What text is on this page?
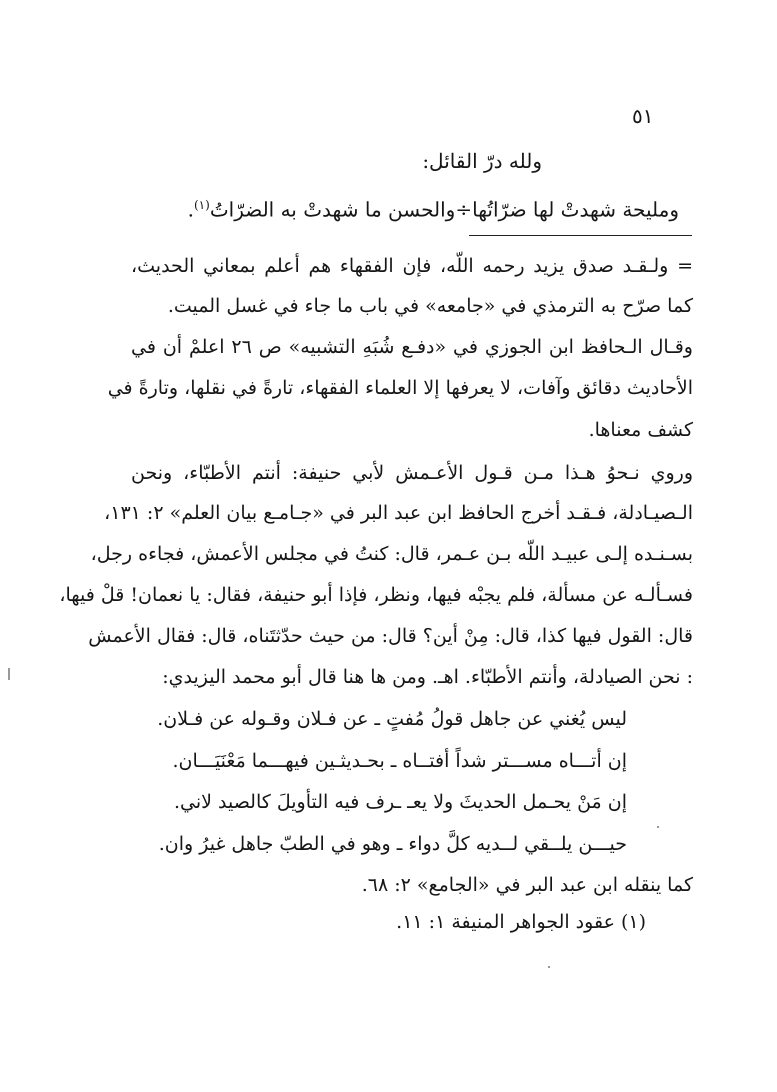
٥١
ولله درّ القائل:
ومليحة شهدتْ لها ضرّاتُها÷والحسن ما شهدتْ به الضرّاتُ$^{(١)}$.
= ولـقـد صدق يزيد رحمه اللّه، فإن الفقهاء هم أعلم بمعاني الحديث،
كما صرّح به الترمذي في «جامعه» في باب ما جاء في غسل الميت.
وقـال الـحافظ ابن الجوزي في «دفـع شُبَهِ التشبيه» ص ٢٦ اعلمْ أن في
الأحاديث دقائق وآفات، لا يعرفها إلا العلماء الفقهاء، تارةً في نقلها، وتارةً في
كشف معناها.
وروي نـحوُ هـذا مـن قـول الأعـمش لأبي حنيفة: أنتم الأطبّاء، ونحن
الـصيـادلة، فـقـد أخرج الحافظ ابن عبد البر في «جـامـع بيان العلم» ٢: ١٣١،
بسـنـده إلـى عبيـد اللّه بـن عـمر، قال: كنتُ في مجلس الأعمش، فجاءه رجل،
فسـألـه عن مسألة، فلم يجبْه فيها، ونظر، فإذا أبو حنيفة، فقال: يا نعمان! قلْ فيها،
قال: القول فيها كذا، قال: مِنْ أين؟ قال: من حيث حدّثتَناه، قال: فقال الأعمش
: نحن الصيادلة، وأنتم الأطبّاء. اهـ. ومن ها هنا قال أبو محمد اليزيدي:
ليس يُغني عن جاهل قولُ مُفتٍ ـ عن فـلان وقـوله عن فـلان.
إن أتـــاه مســـتر شداً أفتــاه ـ بحـديثـين فيهـــما مَعْنَيَـــان.
إن مَنْ يحـمل الحديثَ ولا يعـ ـرف فيه التأويلَ كالصيد لاني.
حيـــن يلــقي لــديه كلَّ دواء ـ وهو في الطبّ جاهل غيرُ وان.
كما ينقله ابن عبد البر في «الجامع» ٢: ٦٨.
(١) عقود الجواهر المنيفة ١: ١١.
